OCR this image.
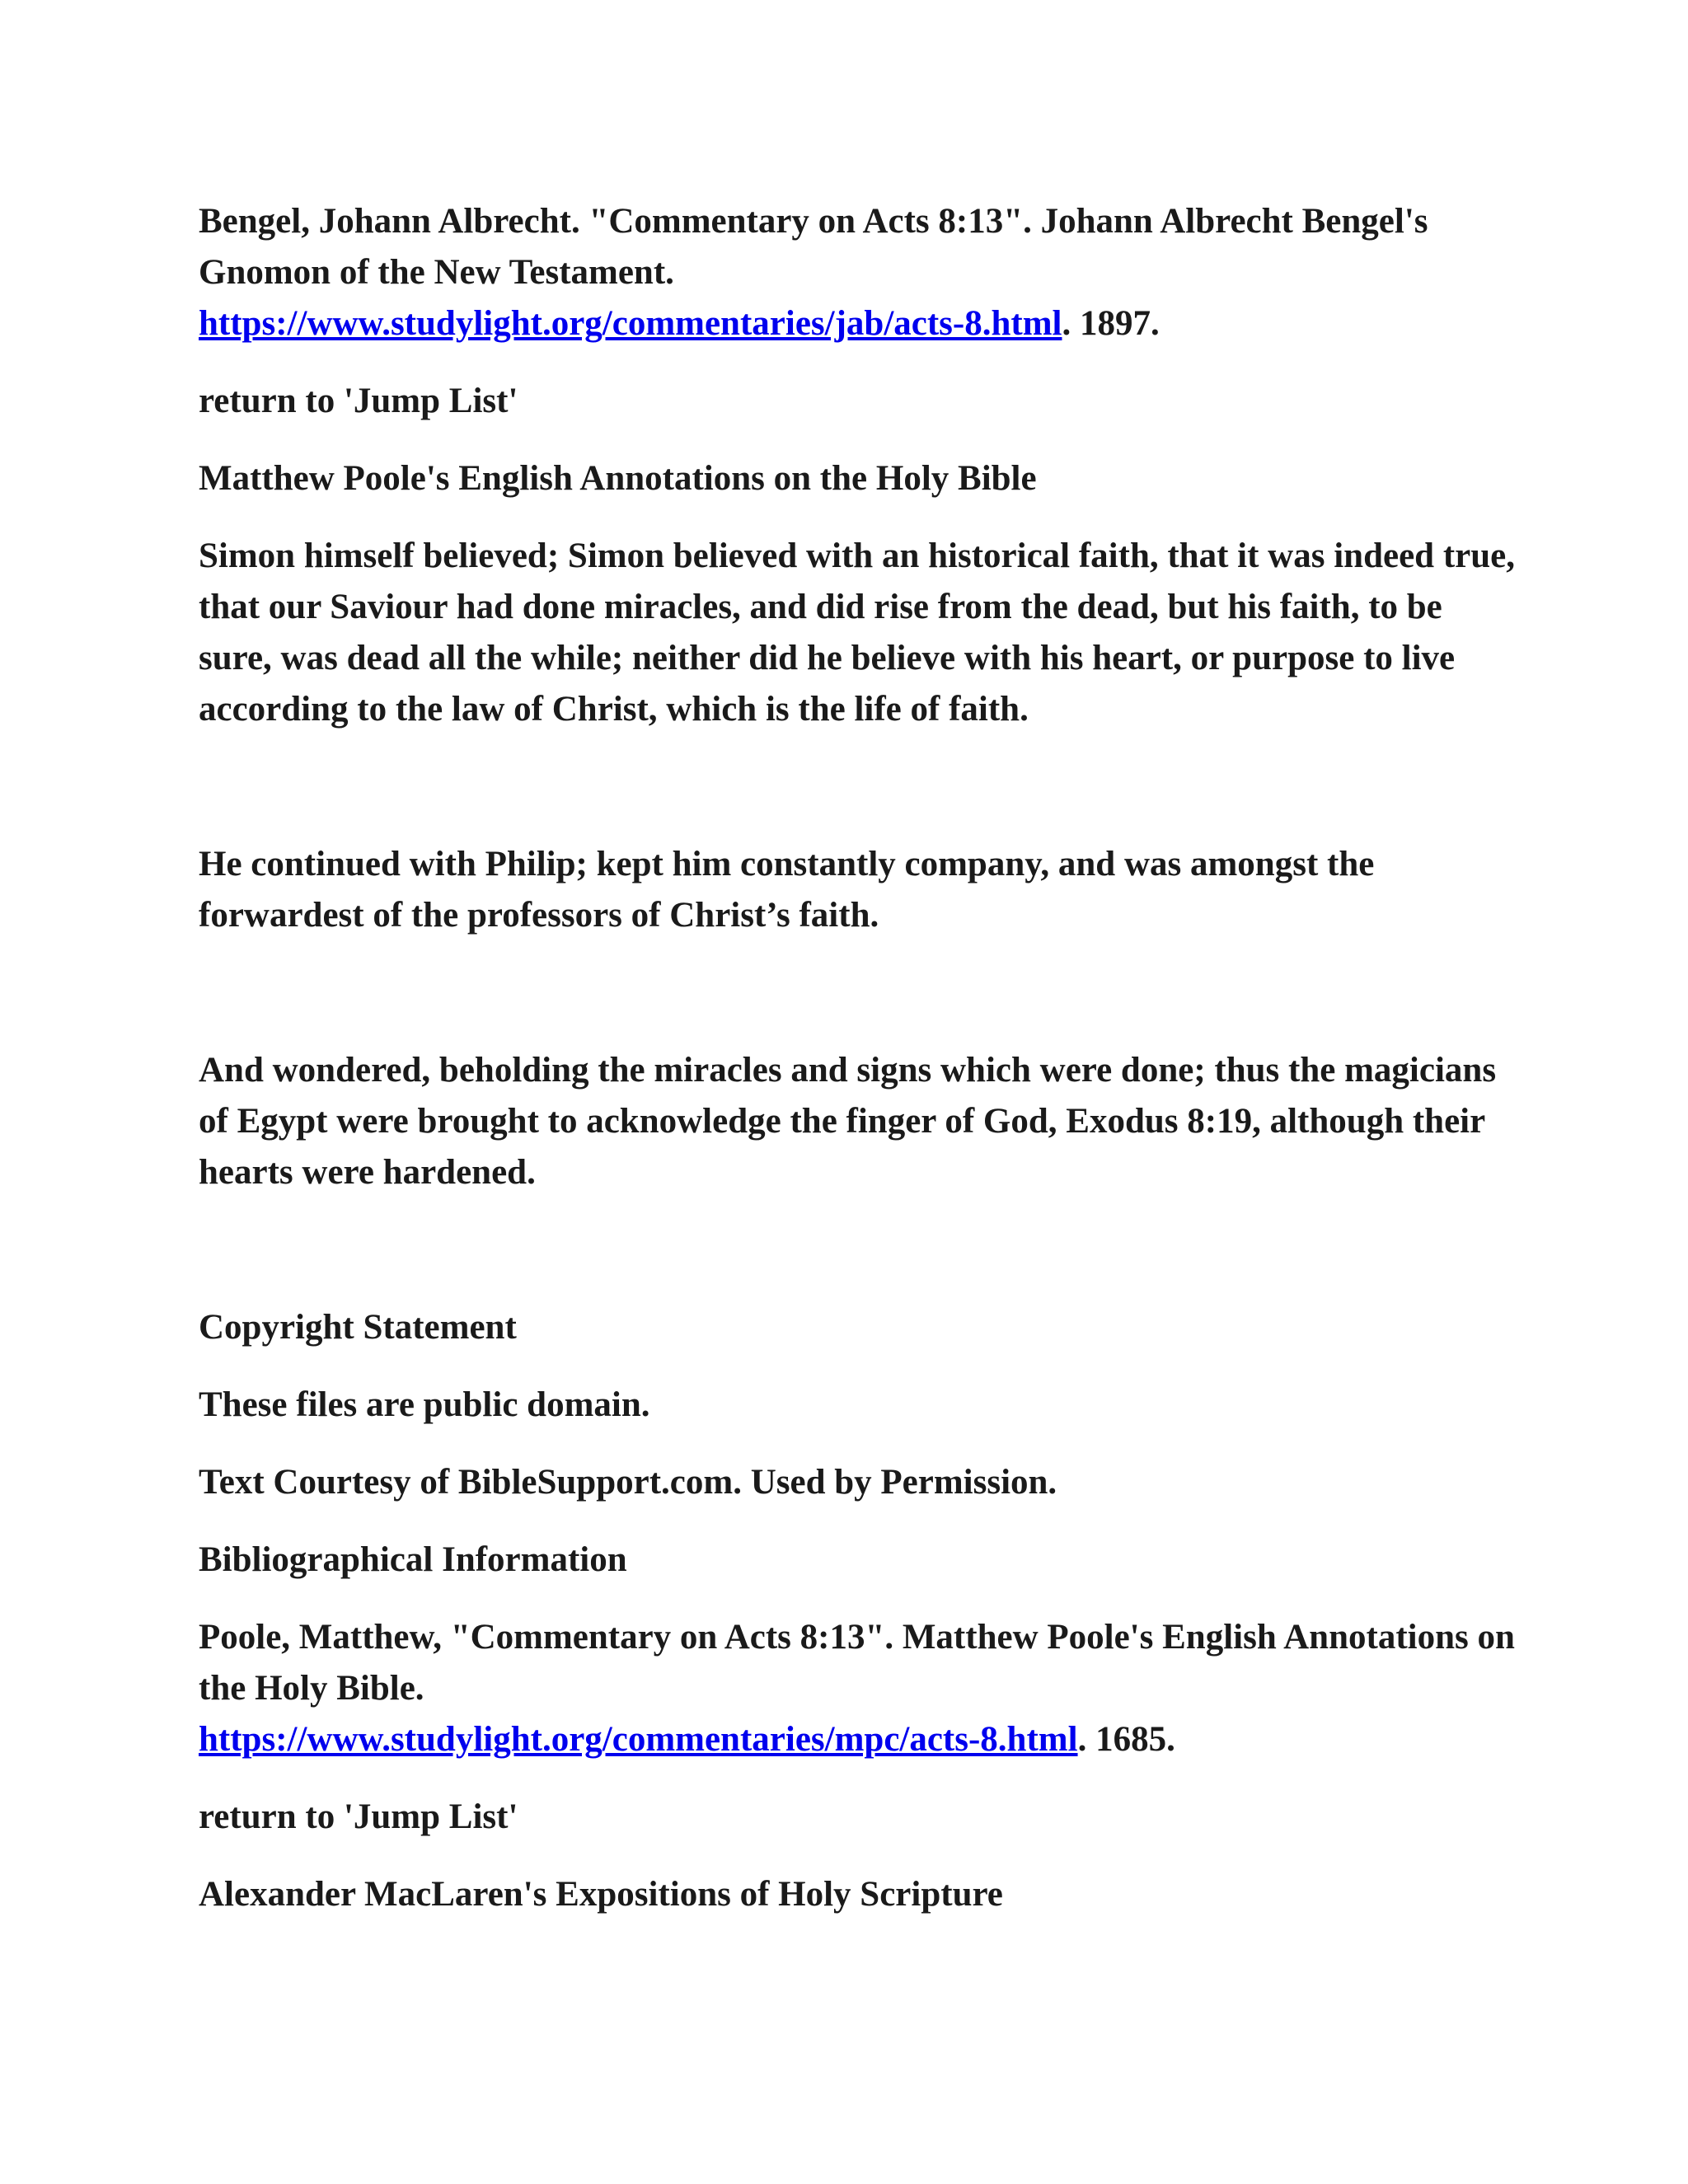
Bengel, Johann Albrecht. "Commentary on Acts 8:13". Johann Albrecht Bengel's Gnomon of the New Testament.
https://www.studylight.org/commentaries/jab/acts-8.html. 1897.

return to 'Jump List'

Matthew Poole's English Annotations on the Holy Bible

Simon himself believed; Simon believed with an historical faith, that it was indeed true, that our Saviour had done miracles, and did rise from the dead, but his faith, to be sure, was dead all the while; neither did he believe with his heart, or purpose to live according to the law of Christ, which is the life of faith.

He continued with Philip; kept him constantly company, and was amongst the forwardest of the professors of Christ’s faith.

And wondered, beholding the miracles and signs which were done; thus the magicians of Egypt were brought to acknowledge the finger of God, Exodus 8:19, although their hearts were hardened.

Copyright Statement

These files are public domain.

Text Courtesy of BibleSupport.com. Used by Permission.

Bibliographical Information

Poole, Matthew, "Commentary on Acts 8:13". Matthew Poole's English Annotations on the Holy Bible.
https://www.studylight.org/commentaries/mpc/acts-8.html. 1685.

return to 'Jump List'

Alexander MacLaren's Expositions of Holy Scripture
